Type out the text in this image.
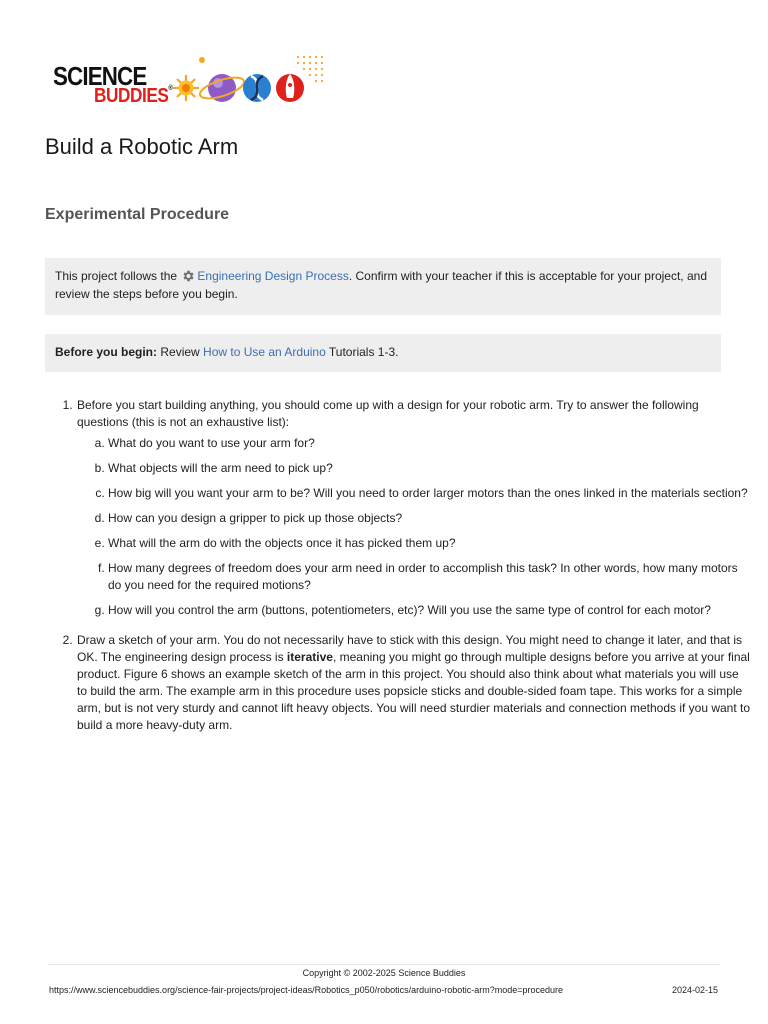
SCIENCE
BUDDIES®
Build a Robotic Arm
Experimental Procedure
This project follows the Engineering Design Process. Confirm with your teacher if this is acceptable for your project, and review the steps before you begin.
Before you begin: Review How to Use an Arduino Tutorials 1-3.
1. Before you start building anything, you should come up with a design for your robotic arm. Try to answer the following questions (this is not an exhaustive list):
a. What do you want to use your arm for?
b. What objects will the arm need to pick up?
c. How big will you want your arm to be? Will you need to order larger motors than the ones linked in the materials section?
d. How can you design a gripper to pick up those objects?
e. What will the arm do with the objects once it has picked them up?
f. How many degrees of freedom does your arm need in order to accomplish this task? In other words, how many motors do you need for the required motions?
g. How will you control the arm (buttons, potentiometers, etc)? Will you use the same type of control for each motor?
2. Draw a sketch of your arm. You do not necessarily have to stick with this design. You might need to change it later, and that is OK. The engineering design process is iterative, meaning you might go through multiple designs before you arrive at your final product. Figure 6 shows an example sketch of the arm in this project. You should also think about what materials you will use to build the arm. The example arm in this procedure uses popsicle sticks and double-sided foam tape. This works for a simple arm, but is not very sturdy and cannot lift heavy objects. You will need sturdier materials and connection methods if you want to build a more heavy-duty arm.
Copyright © 2002-2025 Science Buddies
https://www.sciencebuddies.org/science-fair-projects/project-ideas/Robotics_p050/robotics/arduino-robotic-arm?mode=procedure	2024-02-15
